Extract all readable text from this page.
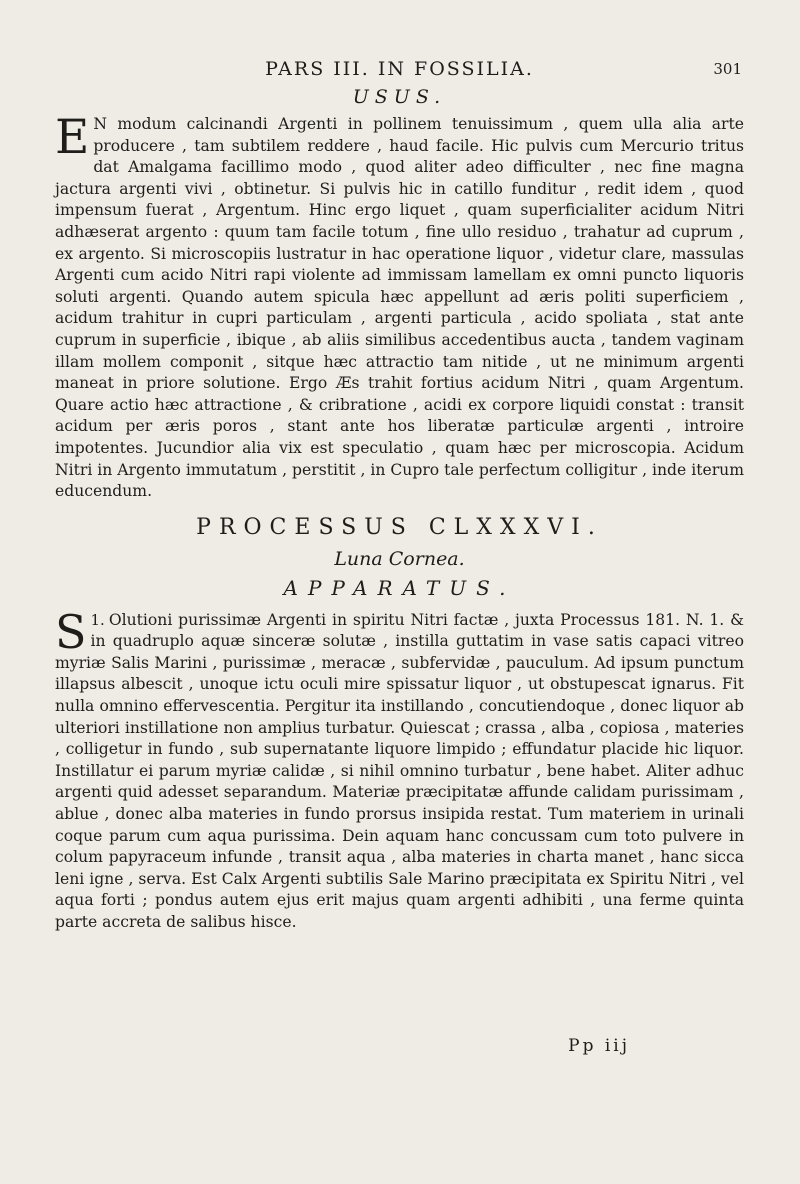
PARS III. IN FOSSILIA.	301
USUS.

E N modum calcinandi Argenti in pollinem tenuissimum , quem ulla alia arte producere , tam subtilem reddere , haud facile. Hic pulvis cum Mercurio tritus dat Amalgama facillimo modo , quod aliter adeo difficulter , nec fine magna jactura argenti vivi , obtinetur. Si pulvis hic in catillo funditur , redit idem , quod impensum fuerat , Argentum. Hinc ergo liquet , quam superficialiter acidum Nitri adhæserat argento : quum tam facile totum , fine ullo residuo , trahatur ad cuprum , ex argento. Si microscopiis lustratur in hac operatione liquor , videtur clare, massulas Argenti cum acido Nitri rapi violente ad immissam lamellam ex omni puncto liquoris soluti argenti. Quando autem spicula hæc appellunt ad æris politi superficiem , acidum trahitur in cupri particulam , argenti particula , acido spoliata , stat ante cuprum in superficie , ibique , ab aliis similibus accedentibus aucta , tandem vaginam illam mollem componit , sitque hæc attractio tam nitide , ut ne minimum argenti maneat in priore solutione. Ergo Æs trahit fortius acidum Nitri , quam Argentum. Quare actio hæc attractione , & cribratione , acidi ex corpore liquidi constat : transit acidum per æris poros , stant ante hos liberatæ particulæ argenti , introire impotentes. Jucundior alia vix est speculatio , quam hæc per microscopia. Acidum Nitri in Argento immutatum , perstitit , in Cupro tale perfectum colligitur , inde iterum educendum.

PROCESSUS CLXXXVI.
Luna Cornea.
APPARATUS.

1.
S Olutioni purissimæ Argenti in spiritu Nitri factæ , juxta Processus 181. N. 1. & in quadruplo aquæ sinceræ solutæ , instilla guttatim in vase satis capaci vitreo myriæ Salis Marini , purissimæ , meracæ , subfervidæ , pauculum. Ad ipsum punctum illapsus albescit , unoque ictu oculi mire spissatur liquor , ut obstupescat ignarus. Fit nulla omnino effervescentia. Pergitur ita instillando , concutiendoque , donec liquor ab ulteriori instillatione non amplius turbatur. Quiescat ; crassa , alba , copiosa , materies , colligetur in fundo , sub supernatante liquore limpido ; effundatur placide hic liquor. Instillatur ei parum myriæ calidæ , si nihil omnino turbatur , bene habet. Aliter adhuc argenti quid adesset separandum. Materiæ præcipitatæ affunde calidam purissimam , ablue , donec alba materies in fundo prorsus insipida restat. Tum materiem in urinali coque parum cum aqua purissima. Dein aquam hanc concussam cum toto pulvere in colum papyraceum infunde , transit aqua , alba materies in charta manet , hanc sicca leni igne , serva. Est Calx Argenti subtilis Sale Marino præcipitata ex Spiritu Nitri , vel aqua forti ; pondus autem ejus erit majus quam argenti adhibiti , una ferme quinta parte accreta de salibus hisce.

Pp iij
